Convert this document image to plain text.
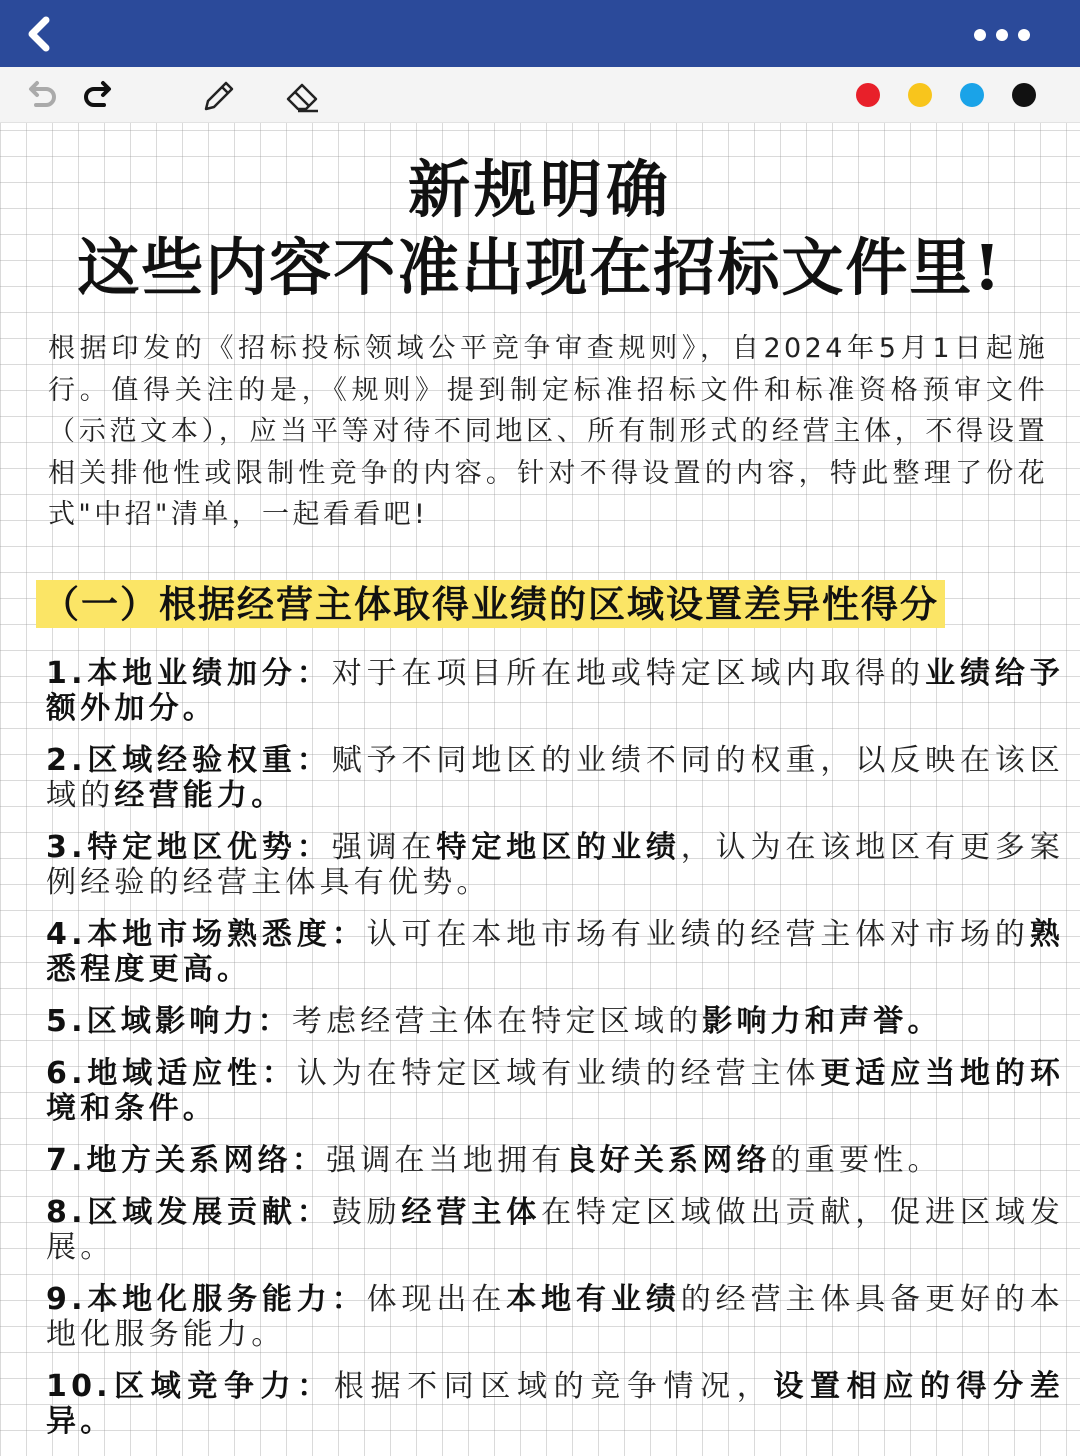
新规明确
这些内容不准出现在招标文件里!
根据印发的《招标投标领域公平竞争审查规则》，自2024年5月1日起施行。值得关注的是，《规则》提到制定标准招标文件和标准资格预审文件（示范文本），应当平等对待不同地区、所有制形式的经营主体，不得设置相关排他性或限制性竞争的内容。针对不得设置的内容，特此整理了份花式"中招"清单，一起看看吧!
（一）根据经营主体取得业绩的区域设置差异性得分
1.本地业绩加分：对于在项目所在地或特定区域内取得的业绩给予额外加分。
2.区域经验权重：赋予不同地区的业绩不同的权重，以反映在该区域的经营能力。
3.特定地区优势：强调在特定地区的业绩，认为在该地区有更多案例经验的经营主体具有优势。
4.本地市场熟悉度：认可在本地市场有业绩的经营主体对市场的熟悉程度更高。
5.区域影响力：考虑经营主体在特定区域的影响力和声誉。
6.地域适应性：认为在特定区域有业绩的经营主体更适应当地的环境和条件。
7.地方关系网络：强调在当地拥有良好关系网络的重要性。
8.区域发展贡献：鼓励经营主体在特定区域做出贡献，促进区域发展。
9.本地化服务能力：体现出在本地有业绩的经营主体具备更好的本地化服务能力。
10.区域竞争力：根据不同区域的竞争情况，设置相应的得分差异。
